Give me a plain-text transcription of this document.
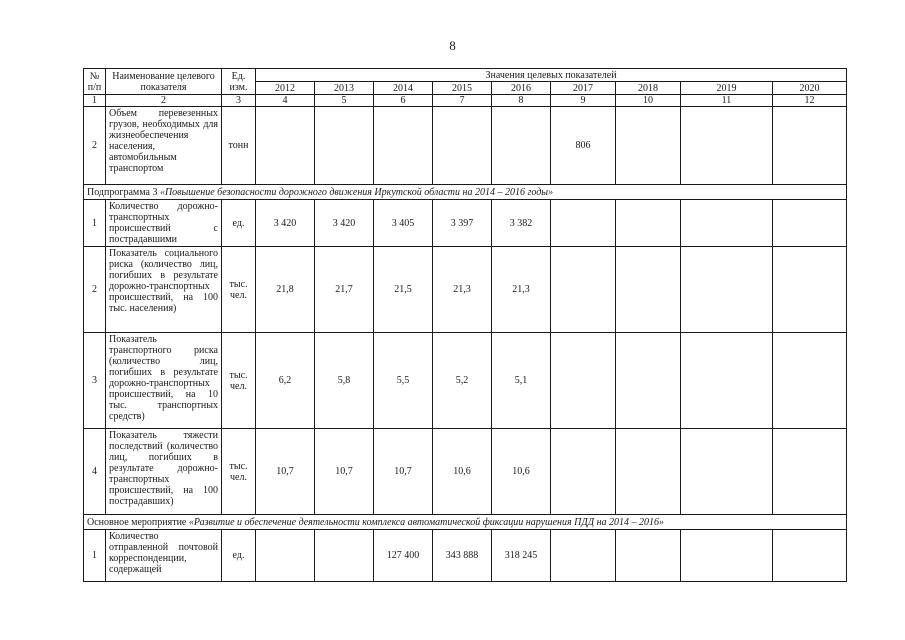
8
№ п/п	Наименование целевого показателя	Ед. изм.	Значения целевых показателей								
			2012	2013	2014	2015	2016	2017	2018	2019	2020
1	2	3	4	5	6	7	8	9	10	11	12
2	Объем перевезенных грузов, необходимых для жизнеобеспечения населения, автомобильным транспортом	тонн						806			
Подпрограмма 3 «Повышение безопасности дорожного движения Иркутской области на 2014 – 2016 годы»											
1	Количество дорожно-транспортных происшествий с пострадавшими	ед.	3 420	3 420	3 405	3 397	3 382				
2	Показатель социального риска (количество лиц, погибших в результате дорожно-транспортных происшествий, на 100 тыс. населения)	тыс. чел.	21,8	21,7	21,5	21,3	21,3				
3	Показатель транспортного риска (количество лиц, погибших в результате дорожно-транспортных происшествий, на 10 тыс. транспортных средств)	тыс. чел.	6,2	5,8	5,5	5,2	5,1				
4	Показатель тяжести последствий (количество лиц, погибших в результате дорожно-транспортных происшествий, на 100 пострадавших)	тыс. чел.	10,7	10,7	10,7	10,6	10,6				
Основное мероприятие «Развитие и обеспечение деятельности комплекса автоматической фиксации нарушения ПДД на 2014 – 2016»											
1	Количество отправленной почтовой корреспонденции, содержащей	ед.			127 400	343 888	318 245				
